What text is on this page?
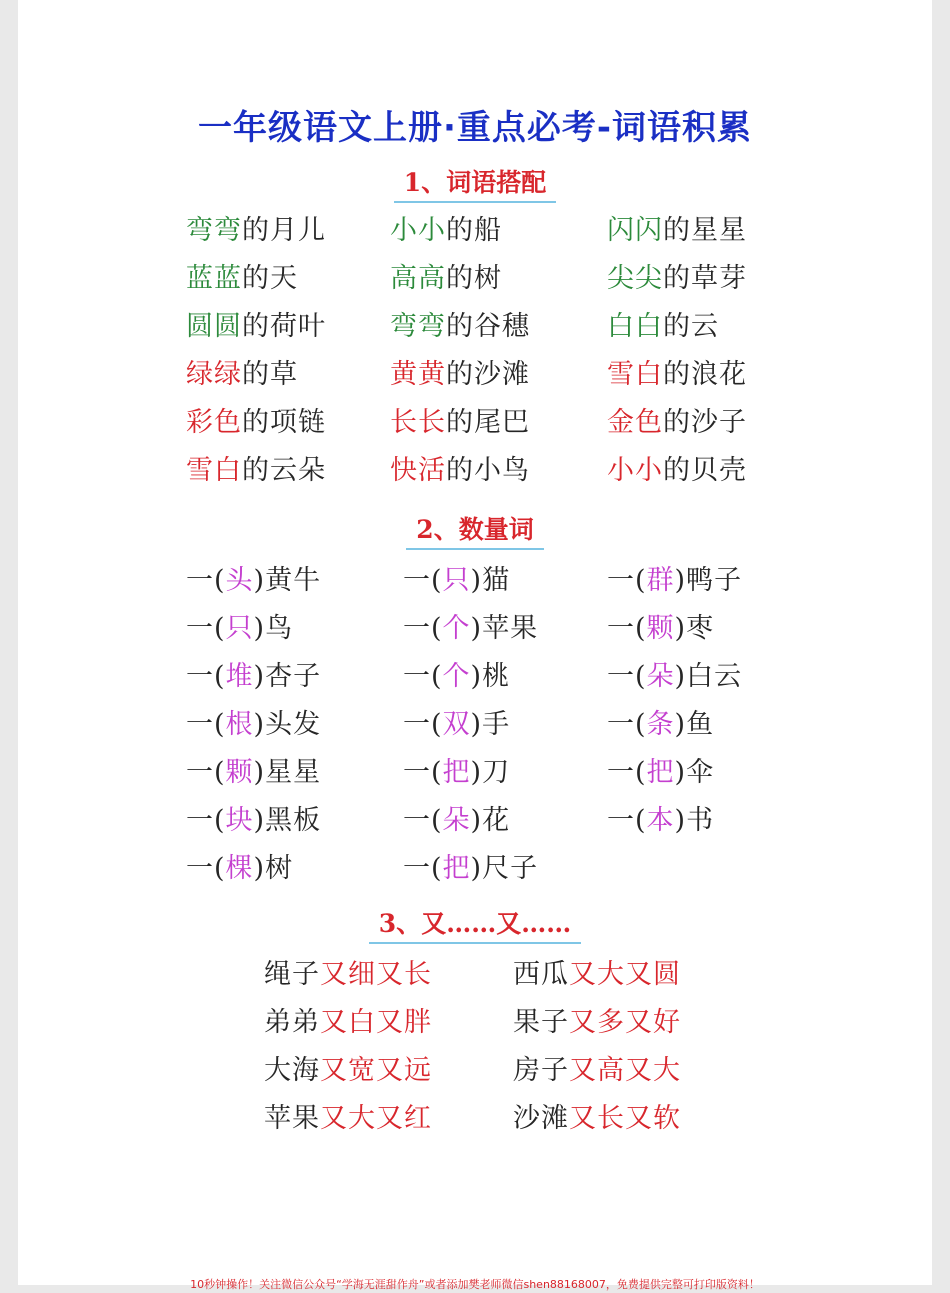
一年级语文上册·重点必考-词语积累
1、词语搭配
2、数量词
3、又……又……
10秒钟操作！关注微信公众号“学海无涯甜作舟”或者添加樊老师微信shen88168007，免费提供完整可打印版资料！
弯弯的月儿 小小的船	闪闪的星星
蓝蓝的天	高高的树	尖尖的草芽
圆圆的荷叶 弯弯的谷穗	白白的云
绿绿的草	黄黄的沙滩	雪白的浪花
彩色的项链 长长的尾巴	金色的沙子
雪白的云朵 快活的小鸟	小小的贝壳
一(头)黄牛	一(只)猫	一(群)鸭子
一(只)鸟	一(个)苹果	一(颗)枣
一(堆)杏子	一(个)桃	一(朵)白云
一(根)头发	一(双)手	一(条)鱼
一(颗)星星	一(把)刀	一(把)伞
一(块)黑板	一(朵)花	一(本)书
一(棵)树	一(把)尺子
绳子又细又长	西瓜又大又圆
弟弟又白又胖	果子又多又好
大海又宽又远	房子又高又大
苹果又大又红	沙滩又长又软
